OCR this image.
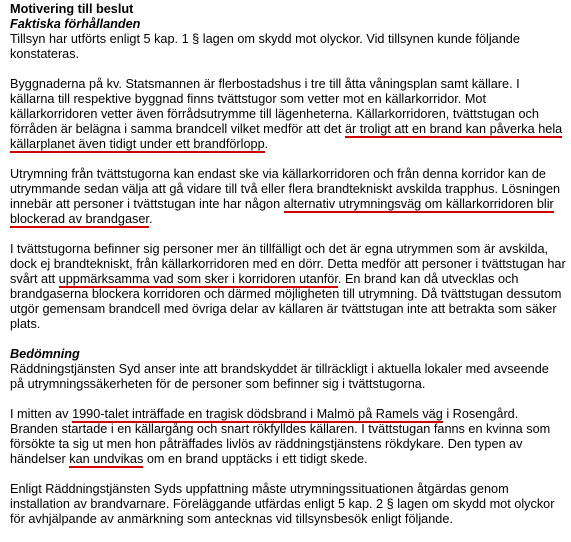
Motivering till beslut
Faktiska förhållanden

Tillsyn har utförts enligt 5 kap. 1 § lagen om skydd mot olyckor. Vid tillsynen kunde följande konstateras.

Byggnaderna på kv. Statsmannen är flerbostadshus i tre till åtta våningsplan samt källare. I källarna till respektive byggnad finns tvättstugor som vetter mot en källarkorridor. Mot källarkorridoren vetter även förrådsutrymme till lägenheterna. Källarkorridoren, tvättstugan och förråden är belägna i samma brandcell vilket medför att det är troligt att en brand kan påverka hela källarplanet även tidigt under ett brandförlopp.

Utrymning från tvättstugorna kan endast ske via källarkorridoren och från denna korridor kan de utrymmande sedan välja att gå vidare till två eller flera brandtekniskt avskilda trapphus. Lösningen innebär att personer i tvättstugan inte har någon alternativ utrymningsväg om källarkorridoren blir blockerad av brandgaser.

I tvättstugorna befinner sig personer mer än tillfälligt och det är egna utrymmen som är avskilda, dock ej brandtekniskt, från källarkorridoren med en dörr. Detta medför att personer i tvättstugan har svårt att uppmärksamma vad som sker i korridoren utanför. En brand kan då utvecklas och brandgaserna blockera korridoren och därmed möjligheten till utrymning. Då tvättstugan dessutom utgör gemensam brandcell med övriga delar av källaren är tvättstugan inte att betrakta som säker plats.

Bedömning

Räddningstjänsten Syd anser inte att brandskyddet är tillräckligt i aktuella lokaler med avseende på utrymningssäkerheten för de personer som befinner sig i tvättstugorna.

I mitten av 1990-talet inträffade en tragisk dödsbrand i Malmö på Ramels väg i Rosengård. Branden startade i en källargång och snart rökfylldes källaren. I tvättstugan fanns en kvinna som försökte ta sig ut men hon påträffades livlös av räddningstjänstens rökdykare. Den typen av händelser kan undvikas om en brand upptäcks i ett tidigt skede.

Enligt Räddningstjänsten Syds uppfattning måste utrymningssituationen åtgärdas genom installation av brandvarnare. Föreläggande utfärdas enligt 5 kap. 2 § lagen om skydd mot olyckor för avhjälpande av anmärkning som antecknas vid tillsynsbesök enligt följande.
